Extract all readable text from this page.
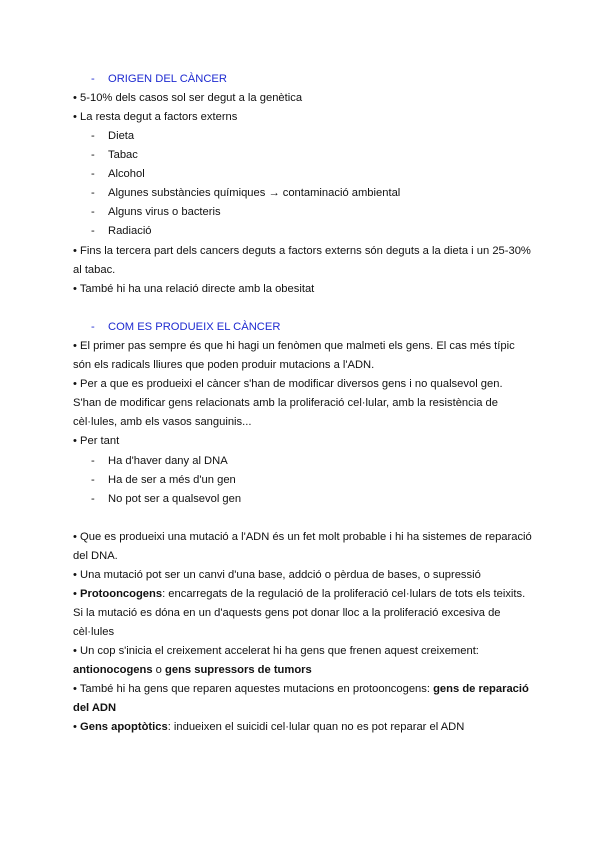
- ORIGEN DEL CÀNCER
• 5-10% dels casos sol ser degut a la genètica
• La resta degut a factors externs
- Dieta
- Tabac
- Alcohol
- Algunes substàncies químiques → contaminació ambiental
- Alguns virus o bacteris
- Radiació
• Fins la tercera part dels cancers deguts a factors externs són deguts a la dieta i un 25-30%
al tabac.
• També hi ha una relació directe amb la obesitat
- COM ES PRODUEIX EL CÀNCER
• El primer pas sempre és que hi hagi un fenòmen que malmeti els gens. El cas més típic
són els radicals lliures que poden produir mutacions a l'ADN.
• Per a que es produeixi el càncer s'han de modificar diversos gens i no qualsevol gen.
S'han de modificar gens relacionats amb la proliferació cel·lular, amb la resistència de
cèl·lules, amb els vasos sanguinis...
• Per tant
- Ha d'haver dany al DNA
- Ha de ser a més d'un gen
- No pot ser a qualsevol gen
• Que es produeixi una mutació a l'ADN és un fet molt probable i hi ha sistemes de reparació
del DNA.
• Una mutació pot ser un canvi d'una base, addció o pèrdua de bases, o supressió
• Protooncogens: encarregats de la regulació de la proliferació cel·lulars de tots els teixits.
Si la mutació es dóna en un d'aquests gens pot donar lloc a la proliferació excesiva de
cèl·lules
• Un cop s'inicia el creixement accelerat hi ha gens que frenen aquest creixement:
antionocogens o gens supressors de tumors
• També hi ha gens que reparen aquestes mutacions en protooncogens: gens de reparació
del ADN
• Gens apoptòtics: indueixen el suicidi cel·lular quan no es pot reparar el ADN
